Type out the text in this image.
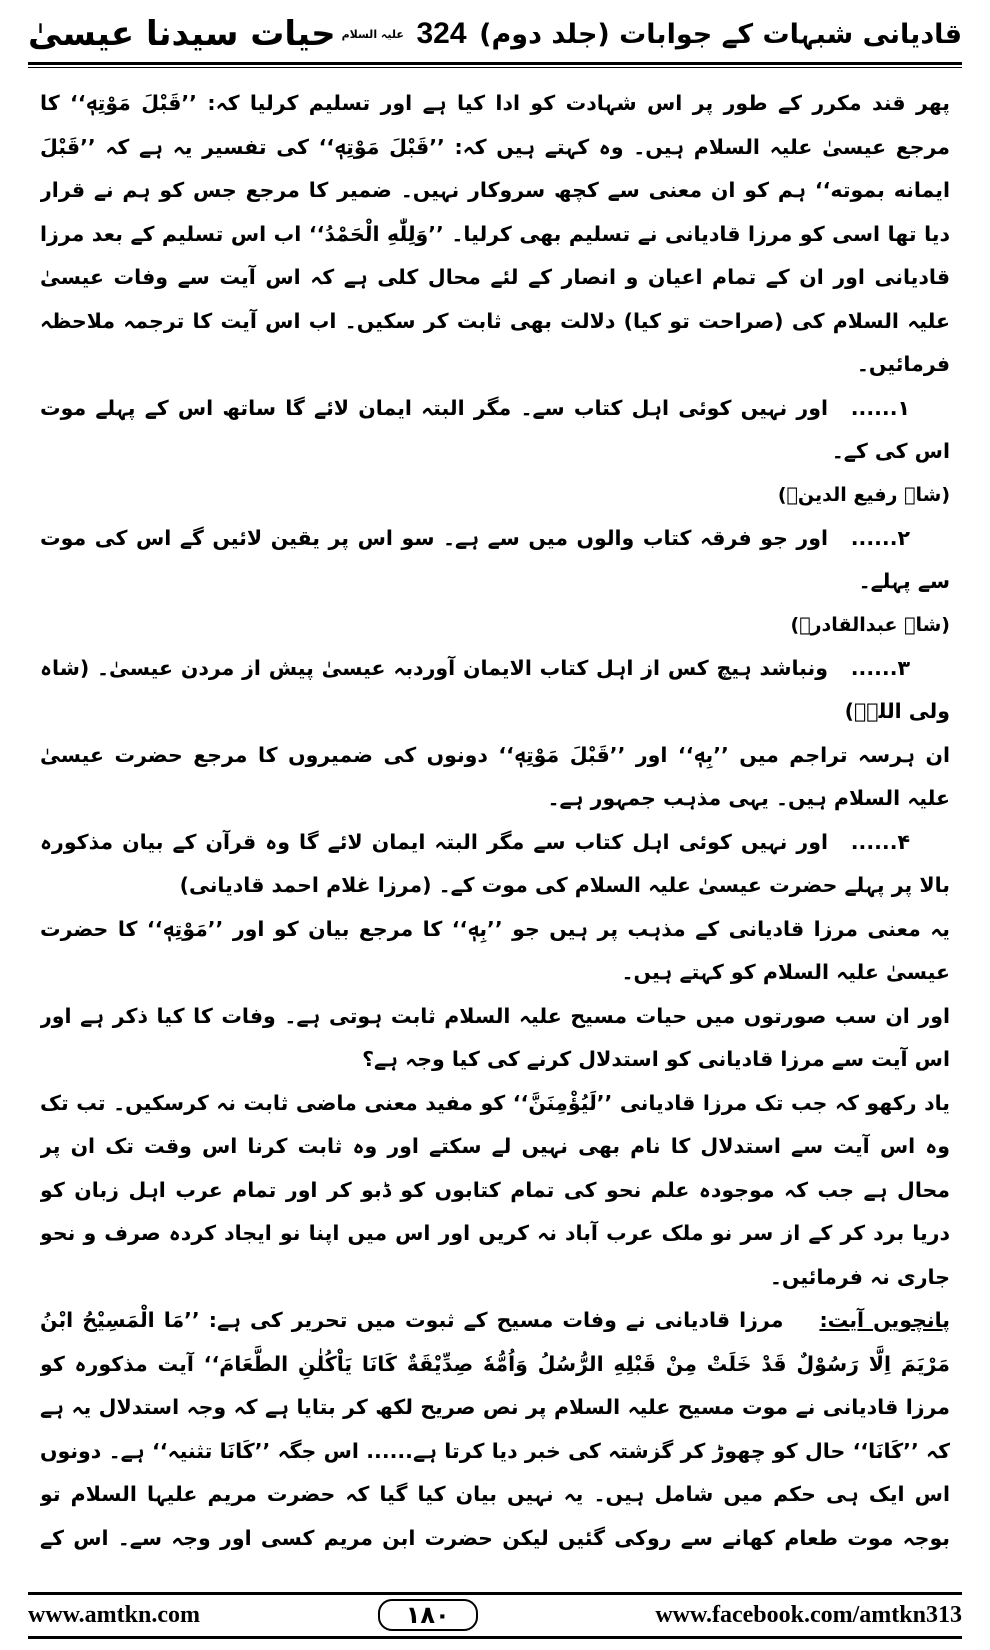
حیات سیدنا عیسیٰ علیہ السلام 324 قادیانی شبہات کے جوابات (جلد دوم)

پھر قند مکرر کے طور پر اس شہادت کو ادا کیا ہے اور تسلیم کرلیا کہ: ’’قَبْلَ مَوْتِهٖ‘‘ کا مرجع عیسیٰ علیہ السلام ہیں۔ وہ کہتے ہیں کہ: ’’قَبْلَ مَوْتِهٖ‘‘ کی تفسیر یہ ہے کہ ’’قَبْلَ ایمانه بموته‘‘ ہم کو ان معنی سے کچھ سروکار نہیں۔ ضمیر کا مرجع جس کو ہم نے قرار دیا تھا اسی کو مرزا قادیانی نے تسلیم بھی کرلیا۔ ’’وَلِلّٰهِ الْحَمْدُ‘‘ اب اس تسلیم کے بعد مرزا قادیانی اور ان کے تمام اعیان و انصار کے لئے محال کلی ہے کہ اس آیت سے وفات عیسیٰ علیہ السلام کی (صراحت تو کیا) دلالت بھی ثابت کر سکیں۔ اب اس آیت کا ترجمہ ملاحظہ فرمائیں۔

۱......اور نہیں کوئی اہل کتاب سے۔ مگر البتہ ایمان لائے گا ساتھ اس کے پہلے موت اس کی کے۔

(شاہ رفیع الدینؒ)

۲......اور جو فرقہ کتاب والوں میں سے ہے۔ سو اس پر یقین لائیں گے اس کی موت سے پہلے۔

(شاہ عبدالقادرؒ)

۳......ونباشد ہیچ کس از اہل کتاب الایمان آوردبہ عیسیٰ پیش از مردن عیسیٰ۔ (شاہ ولی اللہؒ)

ان ہرسہ تراجم میں ’’بِهٖ‘‘ اور ’’قَبْلَ مَوْتِهٖ‘‘ دونوں کی ضمیروں کا مرجع حضرت عیسیٰ علیہ السلام ہیں۔ یہی مذہب جمہور ہے۔

۴......اور نہیں کوئی اہل کتاب سے مگر البتہ ایمان لائے گا وہ قرآن کے بیان مذکورہ بالا پر پہلے حضرت عیسیٰ علیہ السلام کی موت کے۔ (مرزا غلام احمد قادیانی)

یہ معنی مرزا قادیانی کے مذہب پر ہیں جو ’’بِهٖ‘‘ کا مرجع بیان کو اور ’’مَوْتِهٖ‘‘ کا حضرت عیسیٰ علیہ السلام کو کہتے ہیں۔

اور ان سب صورتوں میں حیات مسیح علیہ السلام ثابت ہوتی ہے۔ وفات کا کیا ذکر ہے اور اس آیت سے مرزا قادیانی کو استدلال کرنے کی کیا وجہ ہے؟

یاد رکھو کہ جب تک مرزا قادیانی ’’لَیُؤْمِنَنَّ‘‘ کو مفید معنی ماضی ثابت نہ کرسکیں۔ تب تک وہ اس آیت سے استدلال کا نام بھی نہیں لے سکتے اور وہ ثابت کرنا اس وقت تک ان پر محال ہے جب کہ موجودہ علم نحو کی تمام کتابوں کو ڈبو کر اور تمام عرب اہل زبان کو دریا برد کر کے از سر نو ملک عرب آباد نہ کریں اور اس میں اپنا نو ایجاد کردہ صرف و نحو جاری نہ فرمائیں۔

پانچویں آیت:مرزا قادیانی نے وفات مسیح کے ثبوت میں تحریر کی ہے: ’’مَا الْمَسِیْحُ ابْنُ مَرْیَمَ اِلَّا رَسُوْلٌ قَدْ خَلَتْ مِنْ قَبْلِهِ الرُّسُلُ وَاُمُّهٗ صِدِّیْقَةٌ كَانَا یَاْكُلٰنِ الطَّعَامَ‘‘ آیت مذکورہ کو مرزا قادیانی نے موت مسیح علیہ السلام پر نص صریح لکھ کر بتایا ہے کہ وجہ استدلال یہ ہے کہ ’’كَانَا‘‘ حال کو چھوڑ کر گزشتہ کی خبر دیا کرتا ہے...... اس جگہ ’’كَانَا تثنیہ‘‘ ہے۔ دونوں اس ایک ہی حکم میں شامل ہیں۔ یہ نہیں بیان کیا گیا کہ حضرت مریم علیہا السلام تو بوجہ موت طعام کھانے سے روکی گئیں لیکن حضرت ابن مریم کسی اور وجہ سے۔ اس کے

www.amtkn.com	۱۸۰	www.facebook.com/amtkn313
